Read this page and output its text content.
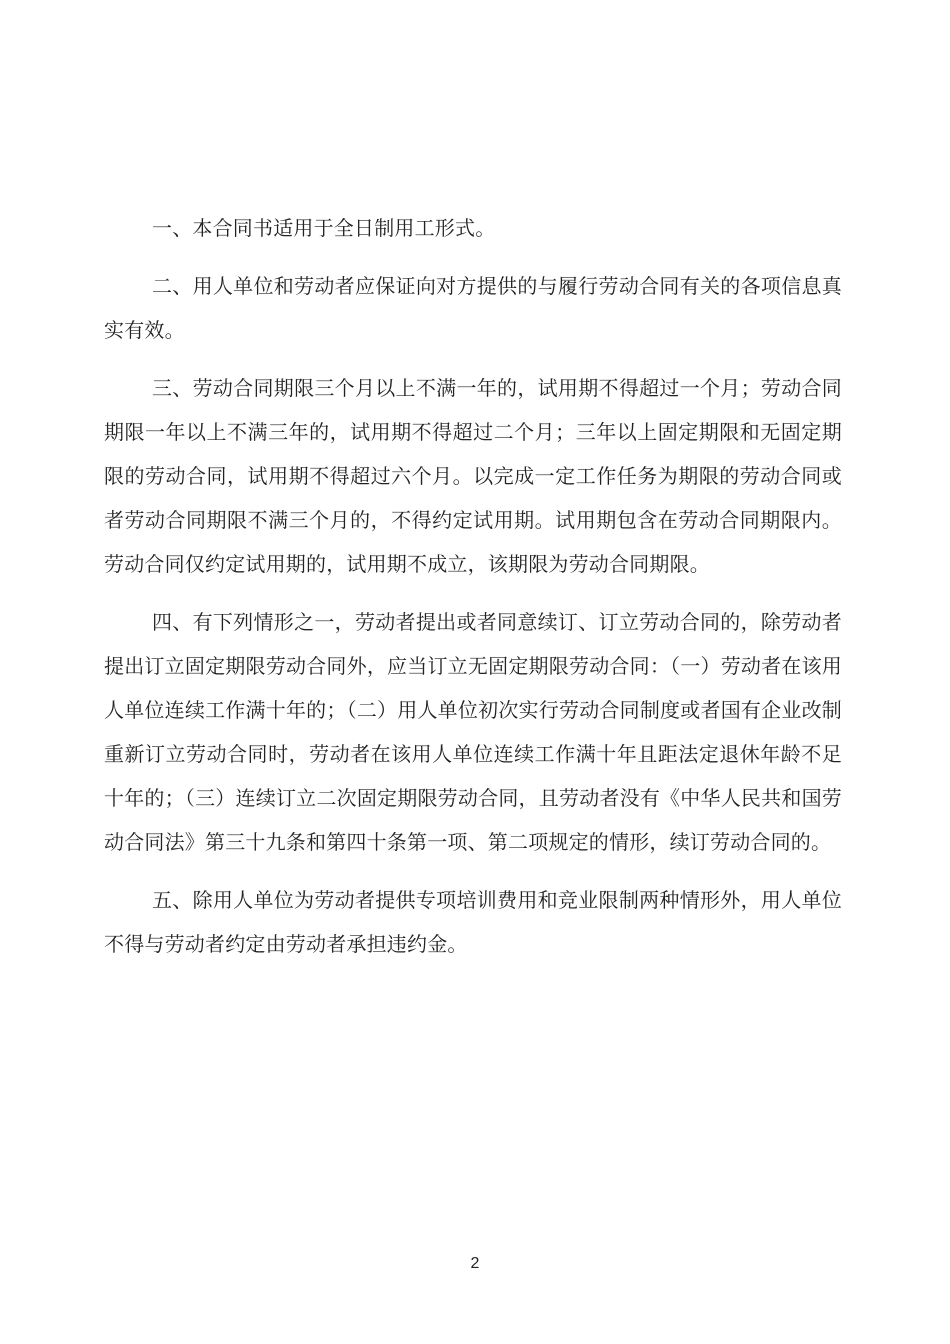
一、本合同书适用于全日制用工形式。

二、用人单位和劳动者应保证向对方提供的与履行劳动合同有关的各项信息真实有效。

三、劳动合同期限三个月以上不满一年的，试用期不得超过一个月；劳动合同期限一年以上不满三年的，试用期不得超过二个月；三年以上固定期限和无固定期限的劳动合同，试用期不得超过六个月。以完成一定工作任务为期限的劳动合同或者劳动合同期限不满三个月的，不得约定试用期。试用期包含在劳动合同期限内。劳动合同仅约定试用期的，试用期不成立，该期限为劳动合同期限。

四、有下列情形之一，劳动者提出或者同意续订、订立劳动合同的，除劳动者提出订立固定期限劳动合同外，应当订立无固定期限劳动合同：（一）劳动者在该用人单位连续工作满十年的；（二）用人单位初次实行劳动合同制度或者国有企业改制重新订立劳动合同时，劳动者在该用人单位连续工作满十年且距法定退休年龄不足十年的；（三）连续订立二次固定期限劳动合同，且劳动者没有《中华人民共和国劳动合同法》第三十九条和第四十条第一项、第二项规定的情形，续订劳动合同的。

五、除用人单位为劳动者提供专项培训费用和竞业限制两种情形外，用人单位不得与劳动者约定由劳动者承担违约金。

2
